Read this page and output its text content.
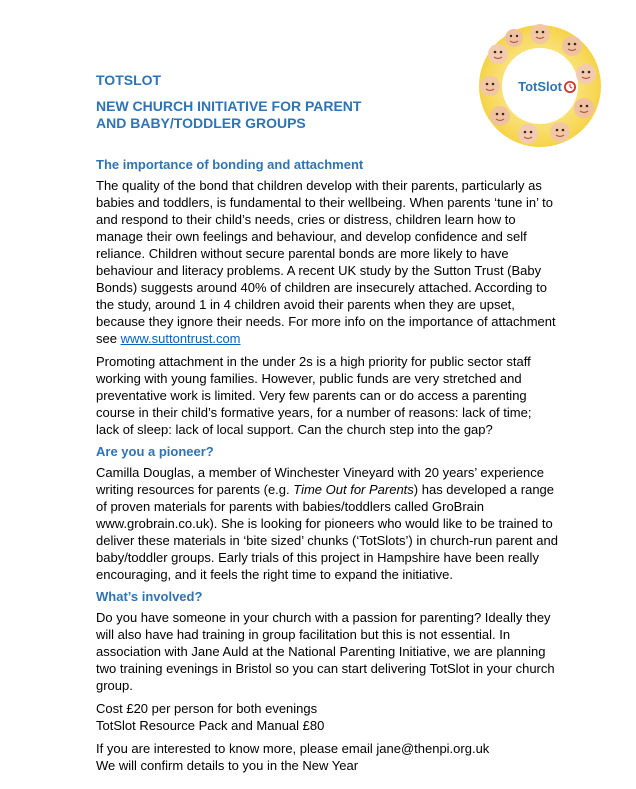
TOTSLOT
NEW CHURCH INITIATIVE FOR PARENT AND BABY/TODDLER GROUPS
TotSlot
The importance of bonding and attachment

The quality of the bond that children develop with their parents, particularly as babies and toddlers, is fundamental to their wellbeing. When parents ‘tune in’ to and respond to their child’s needs, cries or distress, children learn how to manage their own feelings and behaviour, and develop confidence and self reliance. Children without secure parental bonds are more likely to have behaviour and literacy problems. A recent UK study by the Sutton Trust (Baby Bonds) suggests around 40% of children are insecurely attached. According to the study, around 1 in 4 children avoid their parents when they are upset, because they ignore their needs. For more info on the importance of attachment see www.suttontrust.com

Promoting attachment in the under 2s is a high priority for public sector staff working with young families. However, public funds are very stretched and preventative work is limited. Very few parents can or do access a parenting course in their child’s formative years, for a number of reasons: lack of time; lack of sleep: lack of local support. Can the church step into the gap?

Are you a pioneer?

Camilla Douglas, a member of Winchester Vineyard with 20 years’ experience writing resources for parents (e.g. Time Out for Parents) has developed a range of proven materials for parents with babies/toddlers called GroBrain www.grobrain.co.uk). She is looking for pioneers who would like to be trained to deliver these materials in ‘bite sized’ chunks (‘TotSlots’) in church-run parent and baby/toddler groups. Early trials of this project in Hampshire have been really encouraging, and it feels the right time to expand the initiative.

What’s involved?

Do you have someone in your church with a passion for parenting? Ideally they will also have had training in group facilitation but this is not essential. In association with Jane Auld at the National Parenting Initiative, we are planning two training evenings in Bristol so you can start delivering TotSlot in your church group.

Cost £20 per person for both evenings
TotSlot Resource Pack and Manual £80
If you are interested to know more, please email jane@thenpi.org.uk
We will confirm details to you in the New Year
